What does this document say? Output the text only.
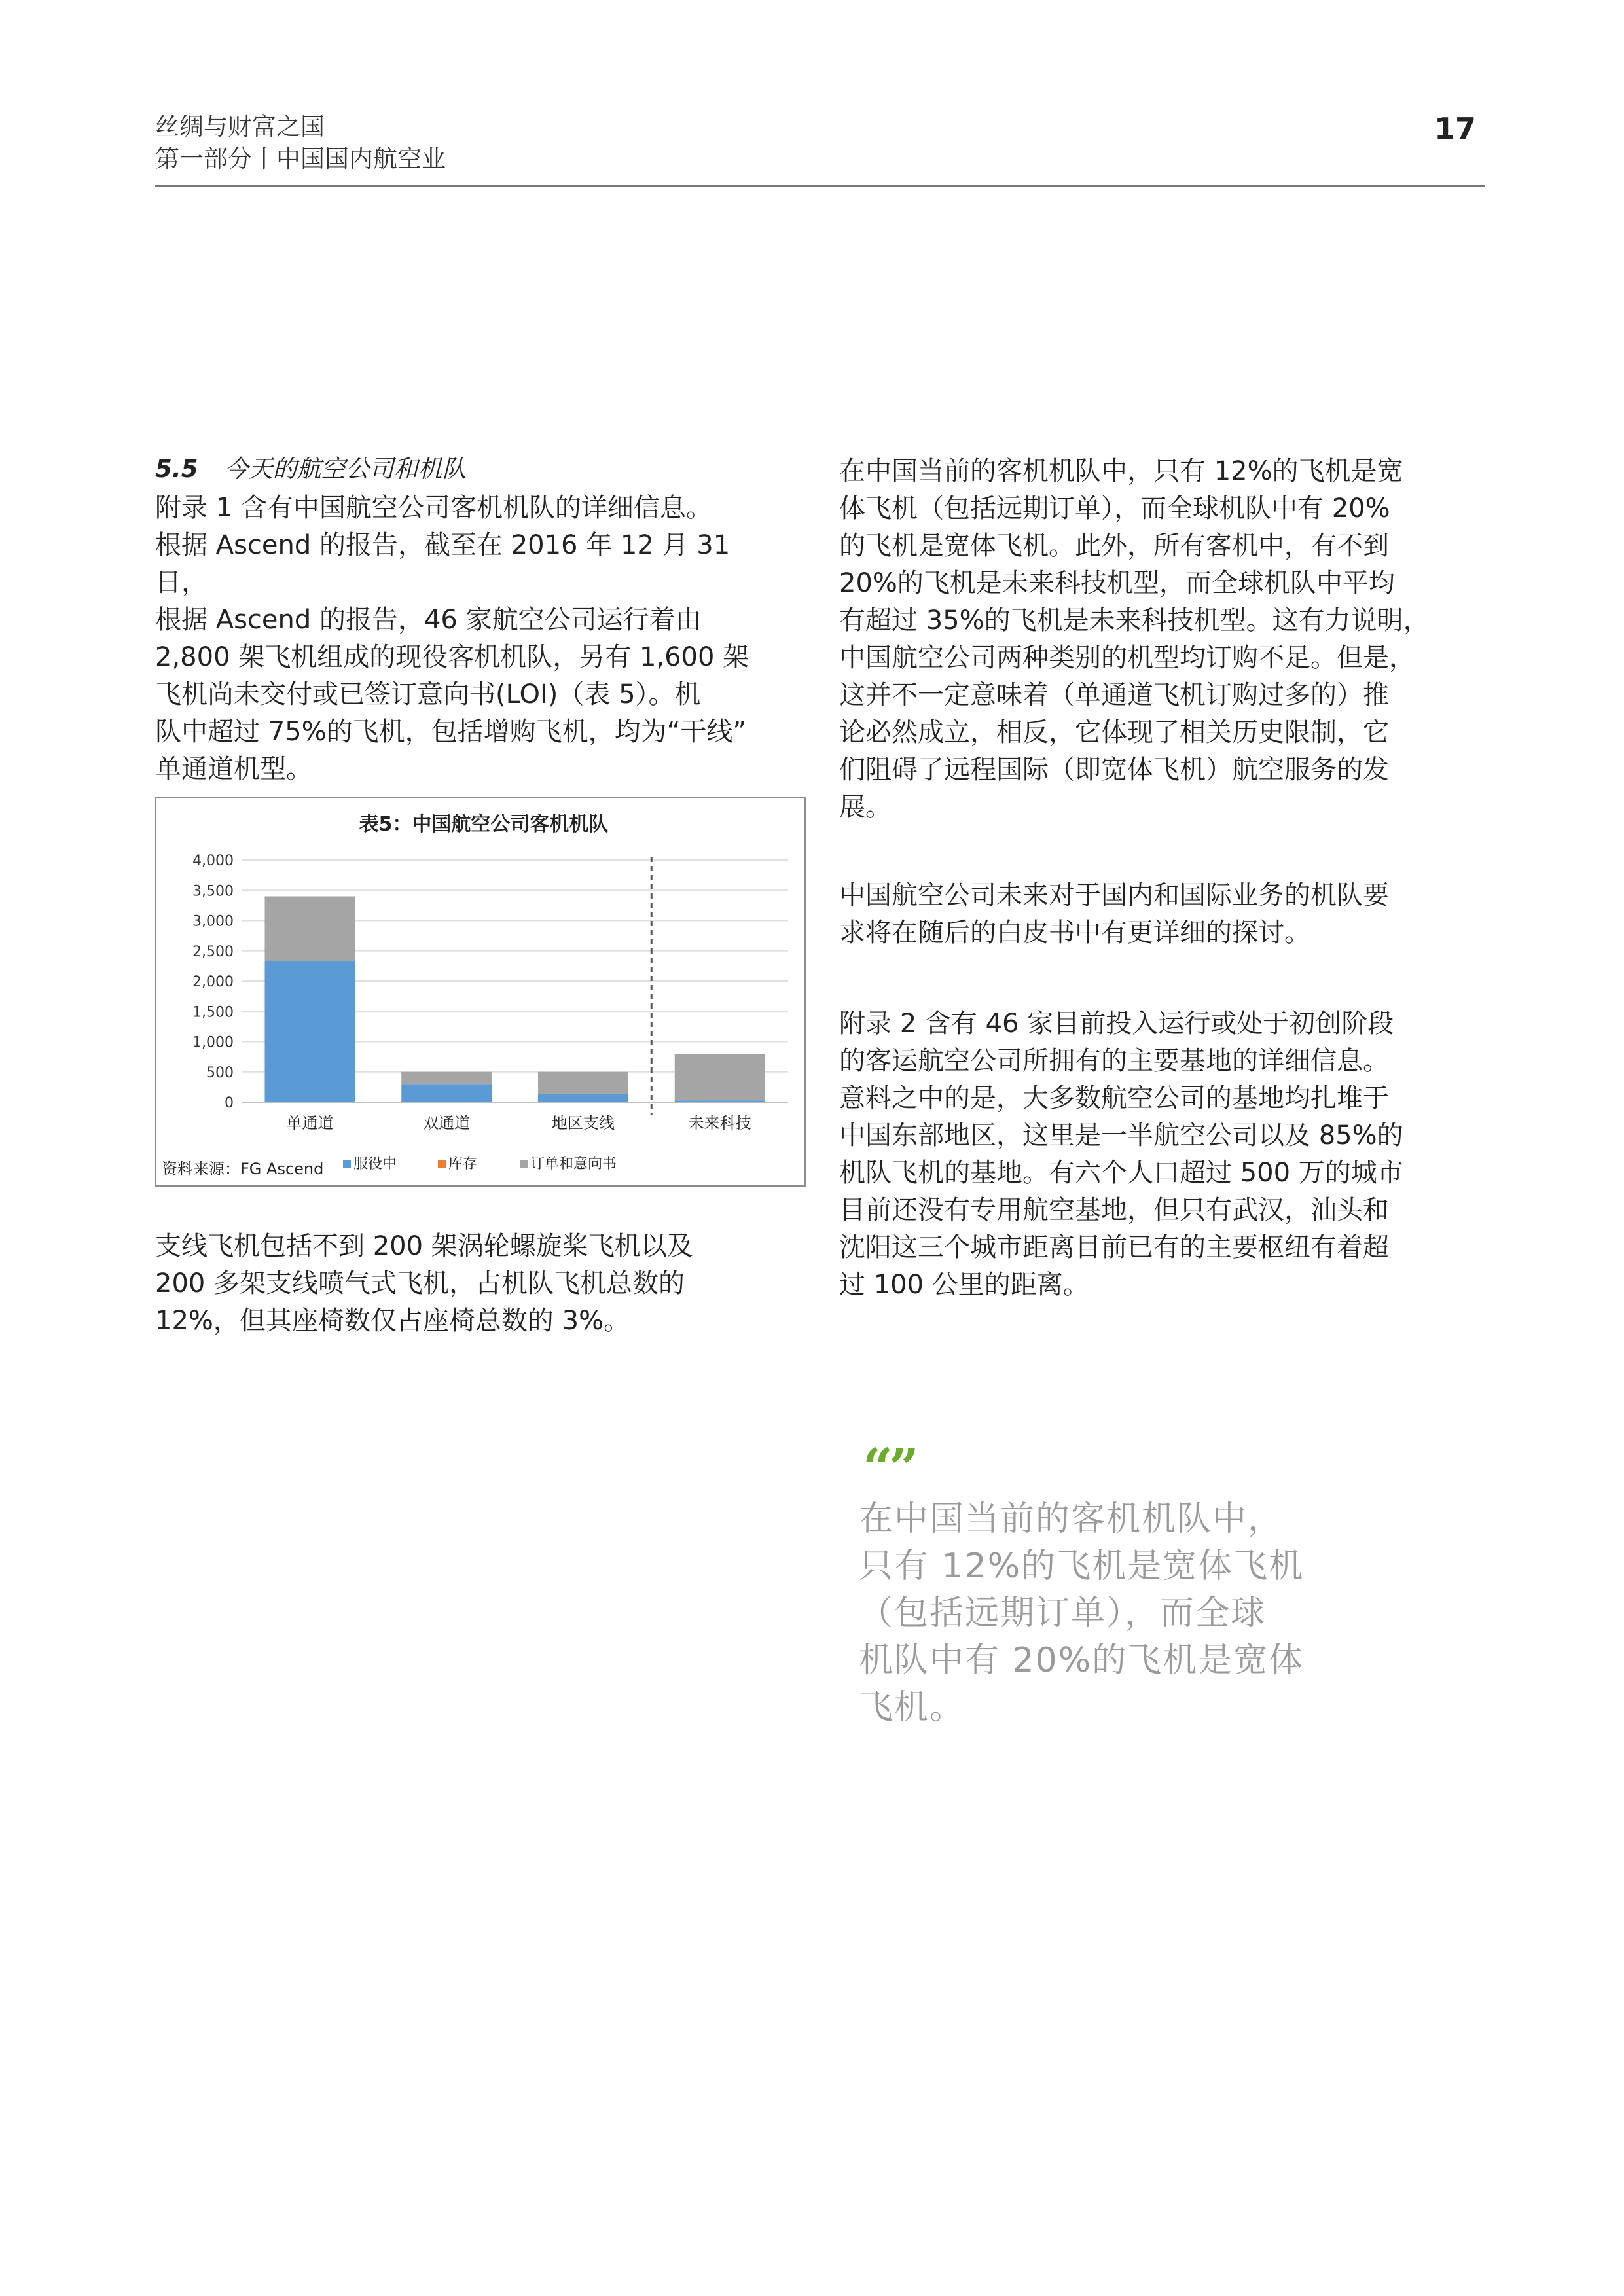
丝绸与财富之国
第一部分丨中国国内航空业
17
5.5 今天的航空公司和机队
附录 1 含有中国航空公司客机机队的详细信息。
根据 Ascend 的报告，截至在 2016 年 12 月 31 日，
根据 Ascend 的报告，46 家航空公司运行着由
2,800 架飞机组成的现役客机机队，另有 1,600 架
飞机尚未交付或已签订意向书(LOI)（表 5）。机
队中超过 75%的飞机，包括增购飞机，均为“干线”
单通道机型。
表5：中国航空公司客机机队
0
500
1,000
1,500
2,000
2,500
3,000
3,500
4,000
单通道	双通道	地区支线	未来科技
资料来源：FG Ascend 服役中	库存	订单和意向书
支线飞机包括不到 200 架涡轮螺旋桨飞机以及
200 多架支线喷气式飞机，占机队飞机总数的
12%，但其座椅数仅占座椅总数的 3%。
在中国当前的客机机队中，只有 12%的飞机是宽
体飞机（包括远期订单），而全球机队中有 20%
的飞机是宽体飞机。此外，所有客机中，有不到
20%的飞机是未来科技机型，而全球机队中平均
有超过 35%的飞机是未来科技机型。这有力说明，
中国航空公司两种类别的机型均订购不足。但是，
这并不一定意味着（单通道飞机订购过多的）推
论必然成立，相反，它体现了相关历史限制，它
们阻碍了远程国际（即宽体飞机）航空服务的发
展。
中国航空公司未来对于国内和国际业务的机队要
求将在随后的白皮书中有更详细的探讨。
附录 2 含有 46 家目前投入运行或处于初创阶段
的客运航空公司所拥有的主要基地的详细信息。
意料之中的是，大多数航空公司的基地均扎堆于
中国东部地区，这里是一半航空公司以及 85%的
机队飞机的基地。有六个人口超过 500 万的城市
目前还没有专用航空基地，但只有武汉，汕头和
沈阳这三个城市距离目前已有的主要枢纽有着超
过 100 公里的距离。
“”
在中国当前的客机机队中，
只有 12%的飞机是宽体飞机
（包括远期订单），而全球
机队中有 20%的飞机是宽体
飞机。
